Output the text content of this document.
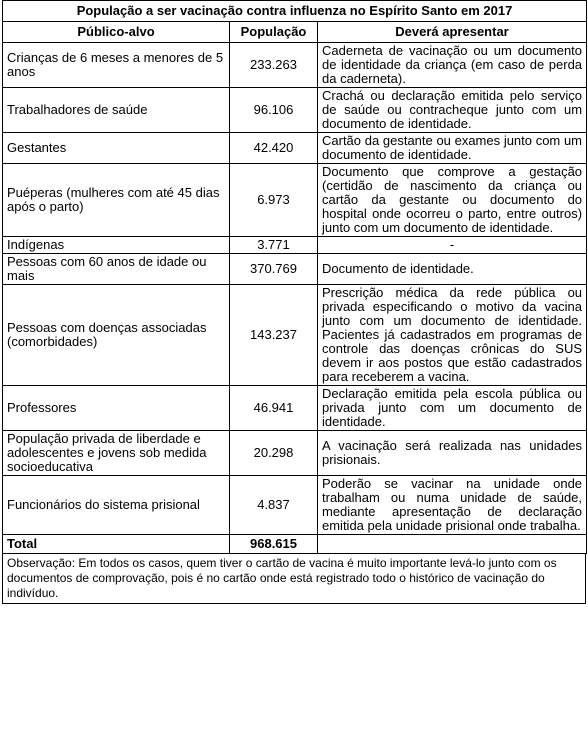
População a ser vacinação contra influenza no Espírito Santo em 2017		
Público-alvo	População	Deverá apresentar
Crianças de 6 meses a menores de 5 anos	233.263	Caderneta de vacinação ou um documento de identidade da criança (em caso de perda da caderneta).
Trabalhadores de saúde	96.106	Crachá ou declaração emitida pelo serviço de saúde ou contracheque junto com um documento de identidade.
Gestantes	42.420	Cartão da gestante ou exames junto com um documento de identidade.
Puéperas (mulheres com até 45 dias após o parto)	6.973	Documento que comprove a gestação (certidão de nascimento da criança ou cartão da gestante ou documento do hospital onde ocorreu o parto, entre outros) junto com um documento de identidade.
Indígenas	3.771	-
Pessoas com 60 anos de idade ou mais	370.769	Documento de identidade.
Pessoas com doenças associadas (comorbidades)	143.237	Prescrição médica da rede pública ou privada especificando o motivo da vacina junto com um documento de identidade. Pacientes já cadastrados em programas de controle das doenças crônicas do SUS devem ir aos postos que estão cadastrados para receberem a vacina.
Professores	46.941	Declaração emitida pela escola pública ou privada junto com um documento de identidade.
População privada de liberdade e adolescentes e jovens sob medida socioeducativa	20.298	A vacinação será realizada nas unidades prisionais.
Funcionários do sistema prisional	4.837	Poderão se vacinar na unidade onde trabalham ou numa unidade de saúde, mediante apresentação de declaração emitida pela unidade prisional onde trabalha.
Total	968.615	
Observação: Em todos os casos, quem tiver o cartão de vacina é muito importante levá-lo junto com os documentos de comprovação, pois é no cartão onde está registrado todo o histórico de vacinação do indivíduo.
